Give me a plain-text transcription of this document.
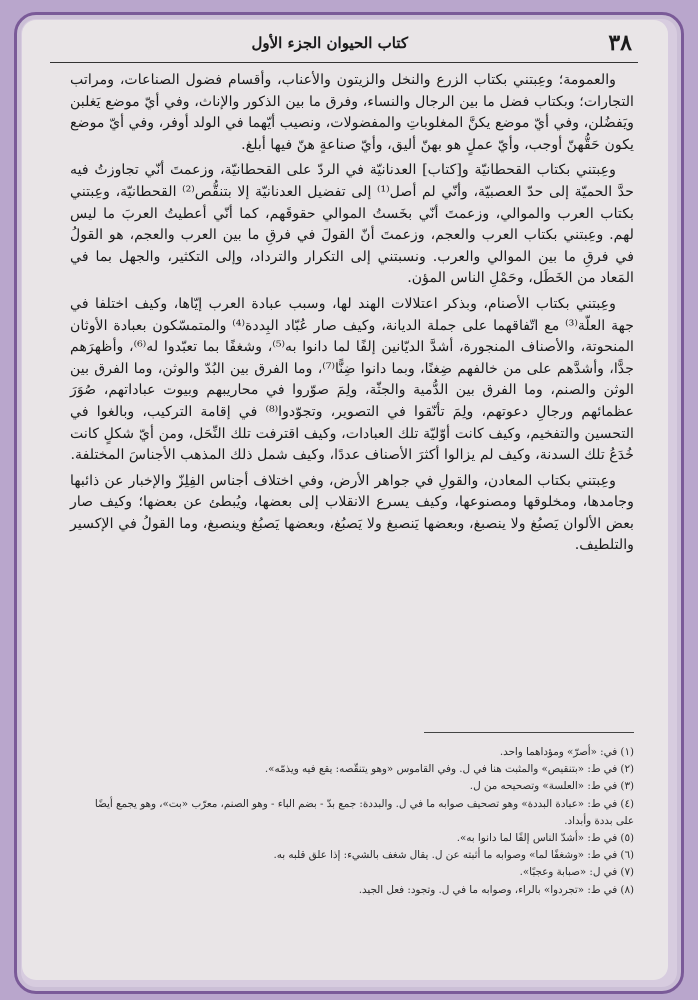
٣٨
كتاب الحيوان الجزء الأول

والعمومة؛ وعِبتني بكتاب الزرع والنخل والزيتون والأعناب، وأقسام فضول الصناعات، ومراتب التجارات؛ وبكتاب فضل ما بين الرجال والنساء، وفرق ما بين الذكور والإناث، وفي أيّ موضع يَغلبن ويَفضُلن، وفي أيّ موضع يكنَّ المغلوباتِ والمفضولات، ونصيب أيّهما في الولد أوفر، وفي أيّ موضع يكون حَقُّهنّ أوجب، وأيّ عملٍ هو بهنّ أليق، وأيّ صناعةٍ هنّ فيها أبلغ.

وعِبتني بكتاب القحطانيّة و[كتاب] العدنانيّة في الردّ على القحطانيّة، وزعمتَ أنّي تجاوزتُ فيه حدَّ الحميّة إلى حدّ العصبيّة، وأنّي لم أصل⁽¹⁾ إلى تفضيل العدنانيّة إلا بتنقُّص⁽²⁾ القحطانيّة، وعِبتني بكتاب العرب والموالي، وزعمتَ أنّي بخَستُ الموالي حقوقَهم، كما أنّي أعطيتُ العربَ ما ليس لهم. وعِبتني بكتاب العرب والعجم، وزعمتَ أنّ القولَ في فرقِ ما بين العرب والعجم، هو القولُ في فرقِ ما بين الموالي والعرب. ونسبتني إلى التكرار والترداد، وإلى التكثير، والجهل بما في المَعاد من الخَطَل، وحَمْلِ الناس المؤن.

وعِبتني بكتاب الأصنام، وبذكر اعتلالات الهند لها، وسبب عبادة العرب إيّاها، وكيف اختلفا في جهة العلّة⁽³⁾ مع اتّفاقهما على جملة الديانة، وكيف صار عُبّاد البِددة⁽⁴⁾ والمتمسّكون بعبادة الأوثان المنحوتة، والأصناف المنجورة، أشدَّ الديّانين إلفًا لما دانوا به⁽⁵⁾، وشغفًا بما تعبّدوا له⁽⁶⁾، وأظهرَهم جدًّا، وأشدَّهم على من خالفهم ضِغنًا، وبما دانوا ضِنًّا⁽⁷⁾، وما الفرق بين البُدّ والوثن، وما الفرق بين الوثن والصنم، وما الفرق بين الدُّمية والجثّة، ولِمَ صوّروا في محاريبهم وبيوت عباداتهم، صُوَرَ عظمائهم ورجالِ دعوتهم، ولِمَ تأنّقوا في التصوير، وتجوّدوا⁽⁸⁾ في إقامة التركيب، وبالغوا في التحسين والتفخيم، وكيف كانت أوّليّة تلك العبادات، وكيف اقترفت تلك النِّحَل، ومن أيّ شكلٍ كانت خُدَعُ تلك السدنة، وكيف لم يزالوا أكثرَ الأصناف عددًا، وكيف شمل ذلك المذهب الأجناسَ المختلفة.

وعِبتني بكتاب المعادن، والقولِ في جواهر الأرض، وفي اختلاف أجناس الفِلِزّ والإخبار عن ذائبها وجامدها، ومخلوقها ومصنوعها، وكيف يسرع الانقلاب إلى بعضها، ويُبطئ عن بعضها؛ وكيف صار بعض الألوان يَصبُغ ولا ينصبغ، وبعضها يَنصبغ ولا يَصبُغ، وبعضها يَصبُغ وينصبغ، وما القولُ في الإكسير والتلطيف.

(١) في: «أصرّ» ومؤداهما واحد.

(٢) في ط: «بتنقيص» والمثبت هنا في ل. وفي القاموس «وهو يتنقّصه: يقع فيه ويذمّه».

(٣) في ط: «العلسة» وتصحيحه من ل.

(٤) في ط: «عبادة البددة» وهو تصحيف صوابه ما في ل. والبددة: جمع بدّ - بضم الباء - وهو الصنم، معرّب «بت»، وهو يجمع أيضًا على بددة وأبداد.

(٥) في ط: «أشدّ الناس إلفًا لما دانوا به».

(٦) في ط: «وشغفًا لما» وصوابه ما أثبته عن ل. يقال شغف بالشيء: إذا علق قلبه به.

(٧) في ل: «صبابة وعجبًا».

(٨) في ط: «تجردوا» بالراء، وصوابه ما في ل. وتجود: فعل الجيد.
